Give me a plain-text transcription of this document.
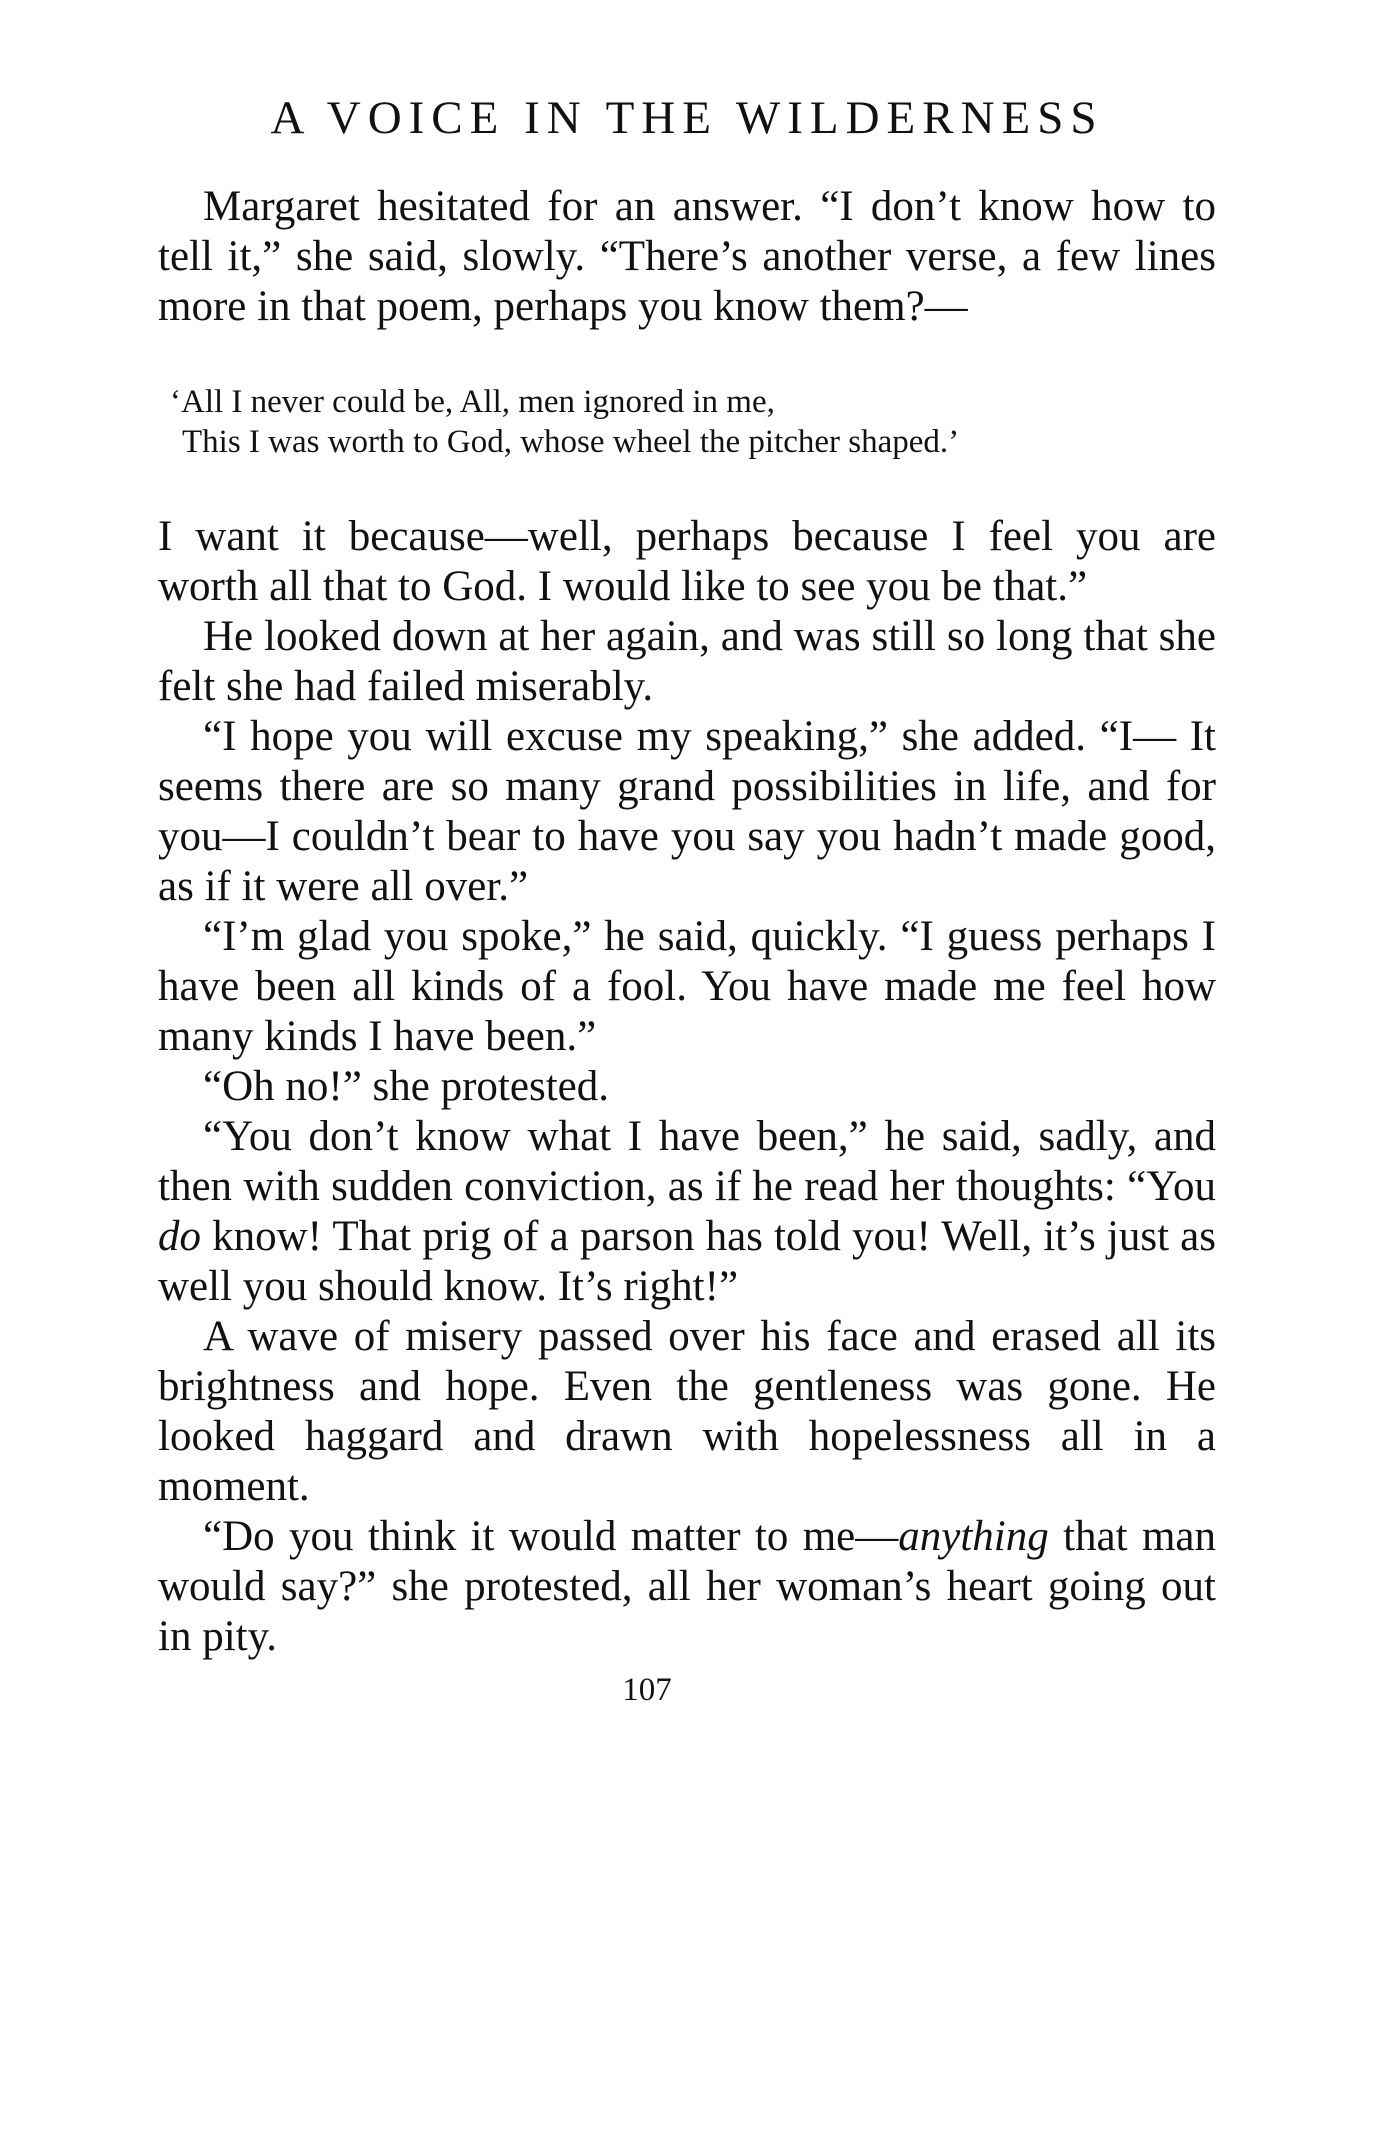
A VOICE IN THE WILDERNESS

Margaret hesitated for an answer. “I don’t know how to tell it,” she said, slowly. “There’s another verse, a few lines more in that poem, perhaps you know them?—

‘All I never could be, All, men ignored in me,
This I was worth to God, whose wheel the pitcher shaped.’

I want it because—well, perhaps because I feel you are worth all that to God. I would like to see you be that.”

He looked down at her again, and was still so long that she felt she had failed miserably.

“I hope you will excuse my speaking,” she added. “I— It seems there are so many grand possibilities in life, and for you—I couldn’t bear to have you say you hadn’t made good, as if it were all over.”

“I’m glad you spoke,” he said, quickly. “I guess perhaps I have been all kinds of a fool. You have made me feel how many kinds I have been.”

“Oh no!” she protested.

“You don’t know what I have been,” he said, sadly, and then with sudden conviction, as if he read her thoughts: “You do know! That prig of a parson has told you! Well, it’s just as well you should know. It’s right!”

A wave of misery passed over his face and erased all its brightness and hope. Even the gentleness was gone. He looked haggard and drawn with hopelessness all in a moment.

“Do you think it would matter to me—anything that man would say?” she protested, all her woman’s heart going out in pity.

107
